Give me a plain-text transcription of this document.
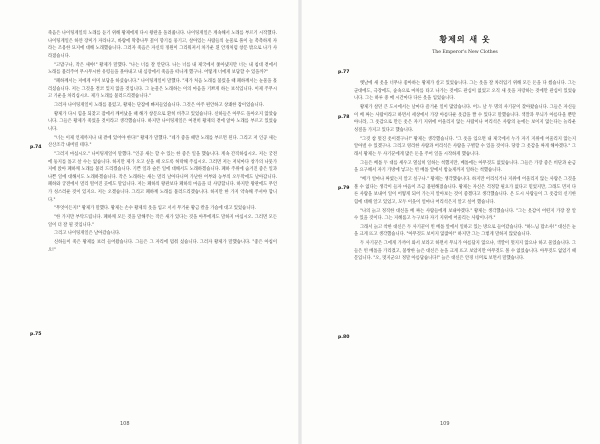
죽음은 나이팅게일의 노래를 듣기 위해 황제에게 다시 왕관을 돌려줍니다. 나이팅게일은 계속해서 노래를 부르기 시작했다. 나이팅게일은 하얀 장미가 자라나고, 바람에 딱총나무 꽃이 향기를 풍기고, 살아있는 사람들의 눈물로 풀이 늘 촉촉하게 자라는 조용한 묘지에 대해 노래했습니다. 그러자 죽음은 자신의 정원이 그리워져서 차가운 흰 안개처럼 창문 밖으로 나가 사라졌습니다.

"고맙구나, 작은 새야!" 황제가 말했다. "나는 너를 잘 안단다. 나는 너를 내 제국에서 쫓아냈지만 너는 내 침대 곁에서 노래를 불러주어 무시무시한 유령들을 몰아내고 내 심장에서 죽음을 떠나게 했구나. 어떻게 너에게 보답할 수 있을까?"

"폐하께서는 저에게 이미 보답을 하셨습니다." 나이팅게일이 말했다. "제가 처음 노래를 불렀을 때 폐하께서는 눈물을 흘리셨습니다. 저는 그것을 결코 잊지 않을 것입니다. 그 눈물은 노래하는 이의 마음을 기쁘게 하는 보석입니다. 이제 주무시고 기운을 차리십시오. 제가 노래를 불러드리겠습니다."

그러자 나이팅게일이 노래를 불렀고, 황제는 단잠에 빠져들었습니다. 그것은 아주 편안하고 상쾌한 잠이었습니다.

황제가 다시 힘을 되찾고 잠에서 깨어났을 때 해가 창문으로 환히 비추고 있었습니다. 신하들은 아무도 돌아오지 않았습니다. 그들은 황제가 죽었을 것이라고 생각했습니다. 하지만 나이팅게일은 여전히 황제의 곁에 앉아 노래를 부르고 있었습니다.

"너는 이제 언제까지나 내 곁에 있어야 한다!" 황제가 말했다. "네가 좋을 때만 노래를 부르면 된다. 그리고 저 인공 새는 산산조각 내버릴 테다."

"그러지 마십시오." 나이팅게일이 말했다. "인공 새는 할 수 있는 한 좋은 일을 했습니다. 계속 간직하십시오. 저는 궁전에 둥지를 틀고 살 수는 없습니다. 하지만 제가 오고 싶을 때 오도록 허락해 주십시오. 그러면 저는 저녁마다 창가의 나뭇가지에 앉아 폐하께 노래를 불러 드리겠습니다. 기쁜 일과 슬픈 일에 대해서도 노래하겠습니다. 폐하 주위에 숨겨진 좋은 일과 나쁜 일에 대해서도 노래하겠습니다. 작은 노래하는 새는 멀리 날아다니며 가난한 어부와 농부의 오두막에도 날아갑니다. 폐하와 궁전에서 멀리 떨어진 곳에도 말입니다. 저는 폐하의 왕관보다 폐하의 마음을 더 사랑합니다. 하지만 왕관에도 무언가 성스러운 것이 있지요. 저는 오겠습니다. 그리고 폐하께 노래를 불러드리겠습니다. 하지만 한 가지 약속해 주셔야 합니다."

"무엇이든지!" 황제가 말했다. 황제는 손수 황제의 옷을 입고 서서 무거운 황금 칼을 가슴에 대고 있었습니다.

"한 가지만 부탁드립니다. 폐하께 모든 것을 말해주는 작은 새가 있다는 것을 아무에게도 말하지 마십시오. 그러면 모든 일이 더 잘 될 것입니다."

그리고 나이팅게일은 날아갔습니다.

신하들이 죽은 황제를 보러 들어왔습니다. 그들은 그 자리에 멈춰 섰습니다. 그러자 황제가 말했습니다. "좋은 아침이오!"

p.74
p.75
108
황제의 새 옷
The Emperor's New Clothes

옛날에 새 옷을 너무나 좋아하는 황제가 살고 있었습니다. 그는 옷을 잘 차려입기 위해 모든 돈을 다 썼습니다. 그는 군대에도, 극장에도, 숲속으로 마차를 타고 나가는 것에도 관심이 없었고 오직 새 옷을 자랑하는 것에만 관심이 있었습니다. 그는 하루 중 매 시간마다 다른 옷을 입었습니다.

황제가 살던 큰 도시에서는 날마다 즐거운 일이 많았습니다. 어느 날 두 명의 사기꾼이 찾아왔습니다. 그들은 자신들이 베 짜는 사람이라고 하면서 세상에서 가장 아름다운 옷감을 짤 수 있다고 말했습니다. 색깔과 무늬가 아름다울 뿐만 아니라, 그 옷감으로 만든 옷은 자기 지위에 어울리지 않는 사람이나 어리석은 사람의 눈에는 보이지 않는다는 놀라운 성질을 가지고 있다고 했습니다.

"그것 참 멋진 옷이겠구나!" 황제는 생각했습니다. "그 옷을 입으면 내 제국에서 누가 자기 지위에 어울리지 않는지 알아낼 수 있겠구나. 그리고 영리한 사람과 어리석은 사람을 구별할 수 있을 것이다. 당장 그 옷감을 짜게 해야겠다." 그래서 황제는 두 사기꾼에게 많은 돈을 주어 일을 시작하게 했습니다.

그들은 베틀 두 대를 세우고 열심히 일하는 척했지만, 베틀에는 아무것도 없었습니다. 그들은 가장 좋은 비단과 순금을 요구해서 자기 가방에 넣고는 빈 베틀 앞에서 밤늦게까지 일하는 척했습니다.

"베가 얼마나 짜였는지 알고 싶구나." 황제는 생각했습니다. 하지만 어리석거나 지위에 어울리지 않는 사람은 그것을 볼 수 없다는 생각이 들자 마음이 조금 불편해졌습니다. 황제는 자신은 걱정할 필요가 없다고 믿었지만, 그래도 먼저 다른 사람을 보내어 일이 어떻게 되어 가는지 알아보는 것이 좋겠다고 생각했습니다. 온 도시 사람들이 그 옷감의 신기한 힘에 대해 알고 있었고, 모두 이웃이 얼마나 어리석은지 알고 싶어 했습니다.

"나의 늙고 정직한 대신을 베 짜는 사람들에게 보내야겠다." 황제는 생각했습니다. "그는 옷감이 어떤지 가장 잘 알 수 있을 것이다. 그는 지혜롭고 누구보다 자기 지위에 어울리는 사람이니까."

그래서 늙고 착한 대신은 두 사기꾼이 빈 베틀 앞에서 일하고 있는 방으로 들어갔습니다. "하느님 맙소사!" 대신은 눈을 크게 뜨고 생각했습니다. "아무것도 보이지 않잖아!" 하지만 그는 그렇게 말하지 않았습니다.

두 사기꾼은 그에게 가까이 와서 보라고 하면서 무늬가 아름답지 않으냐, 색깔이 멋지지 않으냐 하고 물었습니다. 그들은 빈 베틀을 가리켰고, 불쌍한 늙은 대신은 눈을 크게 뜨고 보았지만 아무것도 볼 수 없었습니다. 아무것도 없었기 때문입니다. "오, 멋지군요! 정말 아름답습니다!" 늙은 대신은 안경 너머로 보면서 말했습니다.

p.77
p.78
p.79
p.80
109
